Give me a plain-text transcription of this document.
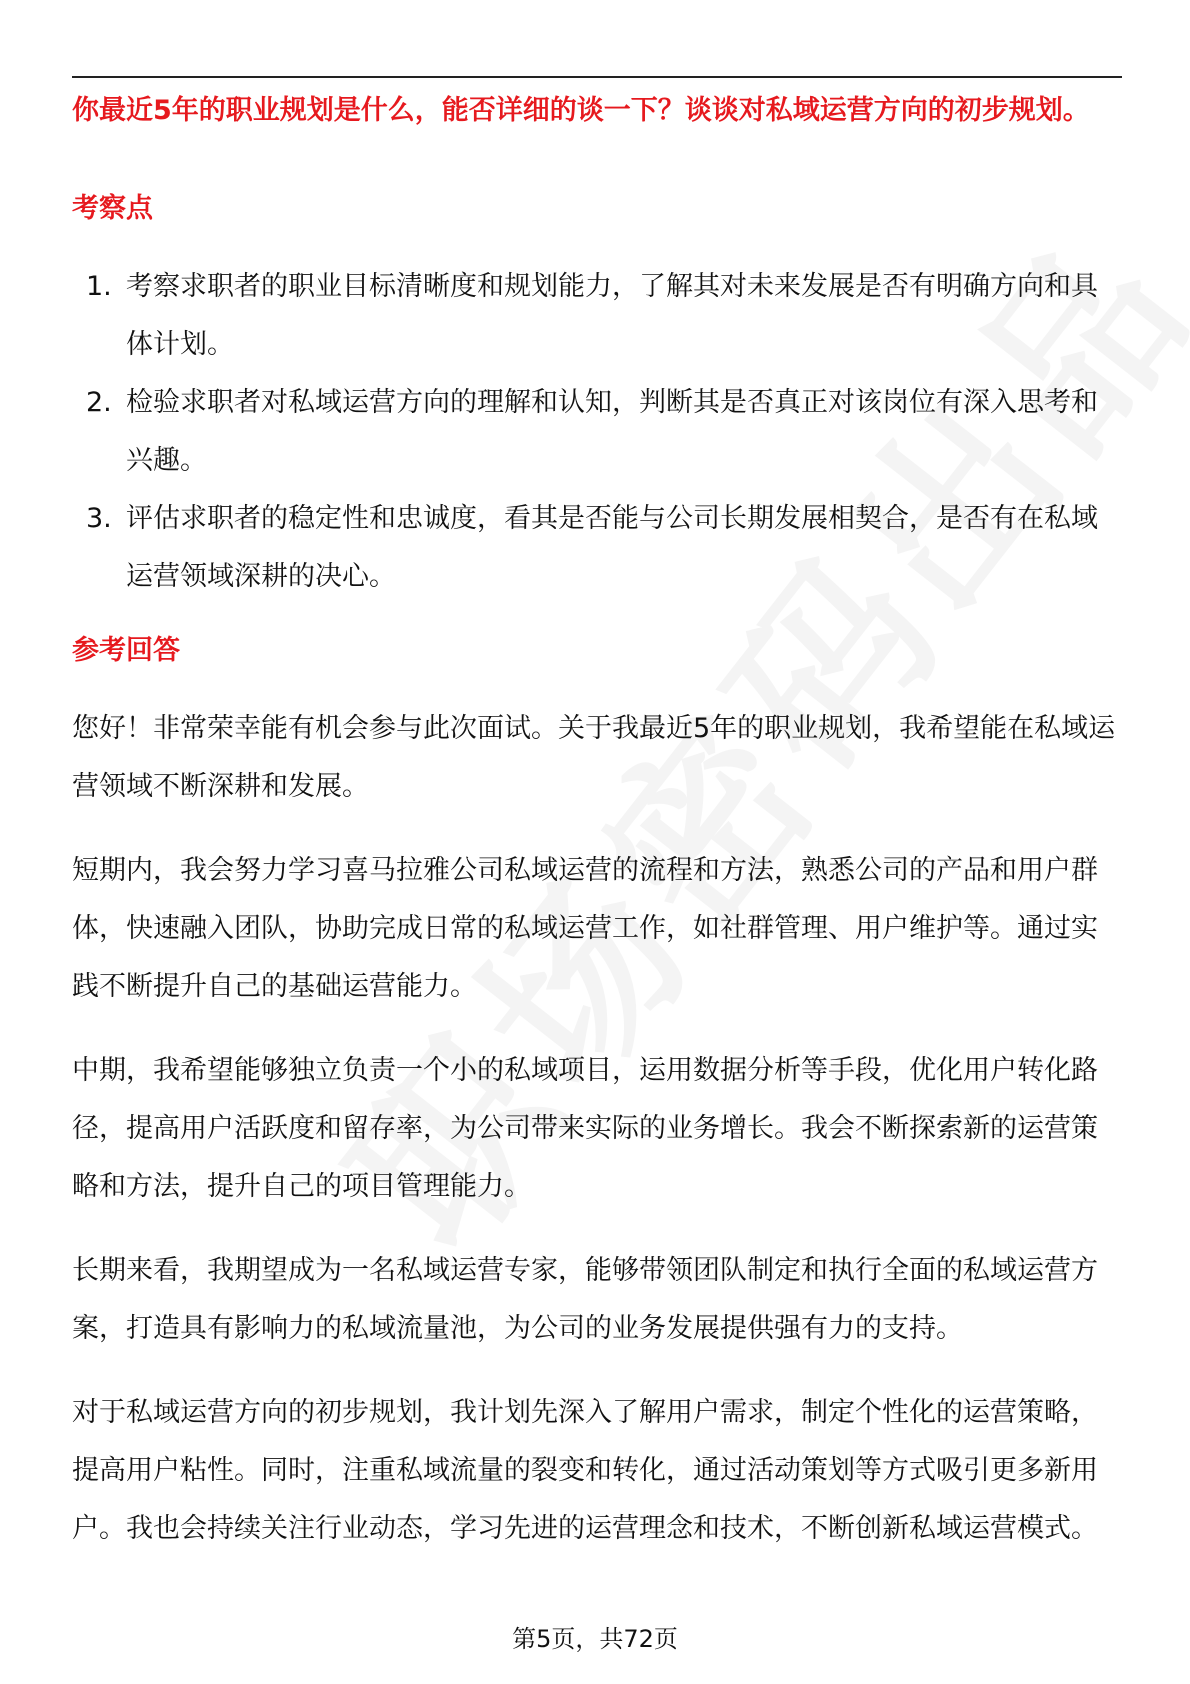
你最近5年的职业规划是什么，能否详细的谈一下？谈谈对私域运营方向的初步规划。
考察点
1. 考察求职者的职业目标清晰度和规划能力，了解其对未来发展是否有明确方向和具体计划。
2. 检验求职者对私域运营方向的理解和认知，判断其是否真正对该岗位有深入思考和兴趣。
3. 评估求职者的稳定性和忠诚度，看其是否能与公司长期发展相契合，是否有在私域运营领域深耕的决心。
参考回答

您好！非常荣幸能有机会参与此次面试。关于我最近5年的职业规划，我希望能在私域运营领域不断深耕和发展。

短期内，我会努力学习喜马拉雅公司私域运营的流程和方法，熟悉公司的产品和用户群体，快速融入团队，协助完成日常的私域运营工作，如社群管理、用户维护等。通过实践不断提升自己的基础运营能力。

中期，我希望能够独立负责一个小的私域项目，运用数据分析等手段，优化用户转化路径，提高用户活跃度和留存率，为公司带来实际的业务增长。我会不断探索新的运营策略和方法，提升自己的项目管理能力。

长期来看，我期望成为一名私域运营专家，能够带领团队制定和执行全面的私域运营方案，打造具有影响力的私域流量池，为公司的业务发展提供强有力的支持。

对于私域运营方向的初步规划，我计划先深入了解用户需求，制定个性化的运营策略，提高用户粘性。同时，注重私域流量的裂变和转化，通过活动策划等方式吸引更多新用户。我也会持续关注行业动态，学习先进的运营理念和技术，不断创新私域运营模式。

第5页，共72页
